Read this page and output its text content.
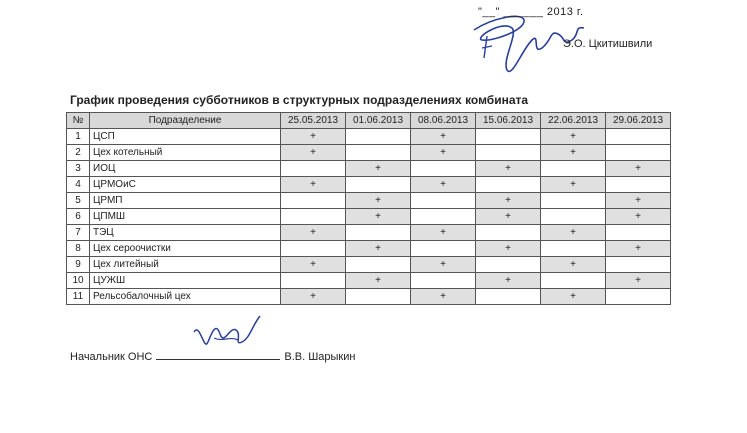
"__" ______ 2013 г.
Э.О. Цкитишвили
График проведения субботников в структурных подразделениях комбината
№	Подразделение	25.05.2013	01.06.2013	08.06.2013	15.06.2013	22.06.2013	29.06.2013
1	ЦСП	+		+		+	
2	Цех котельный	+		+		+	
3	ИОЦ		+		+		+
4	ЦРМОиС	+		+		+	
5	ЦРМП		+		+		+
6	ЦПМШ		+		+		+
7	ТЭЦ	+		+		+	
8	Цех сероочистки		+		+		+
9	Цех литейный	+		+		+	
10	ЦУЖШ		+		+		+
11	Рельсобалочный цех	+		+		+	
Начальник ОНС	В.В. Шарыкин
